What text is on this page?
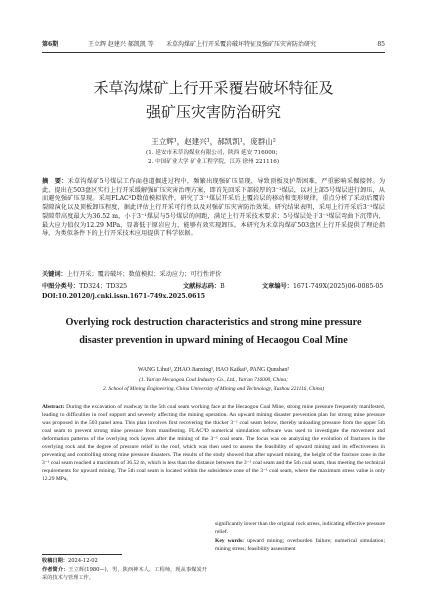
第6期	王立辉 赵建兴 郝凯凯 等 禾草沟煤矿上行开采覆岩破坏特征及强矿压灾害防治研究	85
禾草沟煤矿上行开采覆岩破坏特征及
强矿压灾害防治研究
王立辉¹，赵建兴¹，郝凯凯¹，庞群山²
(1. 延安市禾草沟煤业有限公司，陕西 延安 716000；
2. 中国矿业大学 矿业工程学院，江苏 徐州 221116)

摘　要：禾草沟煤矿5号煤层工作面巷道掘进过程中，频繁出现强矿压显现，导致顶板及护帮困难，严重影响采掘接替。为此，提出在503盘区实行上行开采缓解强矿压灾害治理方案，即首先回采下部较厚的3⁻¹煤层，以对上部5号煤层进行卸压，从而避免强矿压显现。采用FLAC³D数值模拟软件，研究了3⁻¹煤层开采后上覆岩层的移动和变形规律，重点分析了采动后覆岩裂隙演化以及顶板卸压程度，据此评估上行开采可行性以及对强矿压灾害防治效果。研究结果表明，采用上行开采后3⁻¹煤层裂隙带高度最大为36.52 m，小于3⁻¹煤层与5号煤层的间距，满足上行开采技术要求；5号煤层处于3⁻¹煤层弯曲下沉带内，最大应力值仅为12.29 MPa，显著低于原岩应力，能够有效实现卸压。本研究为禾草沟煤矿503盘区上行开采提供了理论指导，为类似条件下的上行开采技术应用提供了科学依据。

关键词：上行开采；覆岩破坏；数值模拟；采动应力；可行性评价

中图分类号：TD324；TD325	文献标志码：B	文章编号：1671-749X(2025)06-0085-05

DOI:10.20120/j.cnki.issn.1671-749x.2025.0615

Overlying rock destruction characteristics and strong mine pressure
disaster prevention in upward mining of Hecaogou Coal Mine
WANG Lihui¹, ZHAO Jianxing¹, HAO Kaikai¹, PANG Qunshan²
(1. Yan'an Hecaogou Coal Industry Co., Ltd., Yan'an 716000, China;
2. School of Mining Engineering, China University of Mining and Technology, Xuzhou 221116, China)

Abstract: During the excavation of roadway in the 5th coal seam working face at the Hecaogou Coal Mine, strong mine pressure frequently manifested, leading to difficulties in roof support and severely affecting the mining operation. An upward mining disaster prevention plan for strong mine pressure was proposed in the 503 panel area. This plan involves first recovering the thicker 3⁻¹ coal seam below, thereby unloading pressure from the upper 5th coal seam to prevent strong mine pressure from manifesting. FLAC³D numerical simulation software was used to investigate the movement and deformation patterns of the overlying rock layers after the mining of the 3⁻¹ coal seam. The focus was on analyzing the evolution of fractures in the overlying rock and the degree of pressure relief in the roof, which was then used to assess the feasibility of upward mining and its effectiveness in preventing and controlling strong mine pressure disasters. The results of the study showed that after upward mining, the height of the fracture zone in the 3⁻¹ coal seam reached a maximum of 36.52 m, which is less than the distance between the 3⁻¹ coal seam and the 5th coal seam, thus meeting the technical requirements for upward mining. The 5th coal seam is located within the subsidence zone of the 3⁻¹ coal seam, where the maximum stress value is only 12.29 MPa,

significantly lower than the original rock stress, indicating effective pressure relief.

Key words: upward mining; overburden failure; numerical simulation; mining stress; feasibility assessment

收稿日期：2024-12-02

作者简介：王立辉(1980—)，男，陕西神木人，工程师，现从事煤炭开采的技术与管理工作。
